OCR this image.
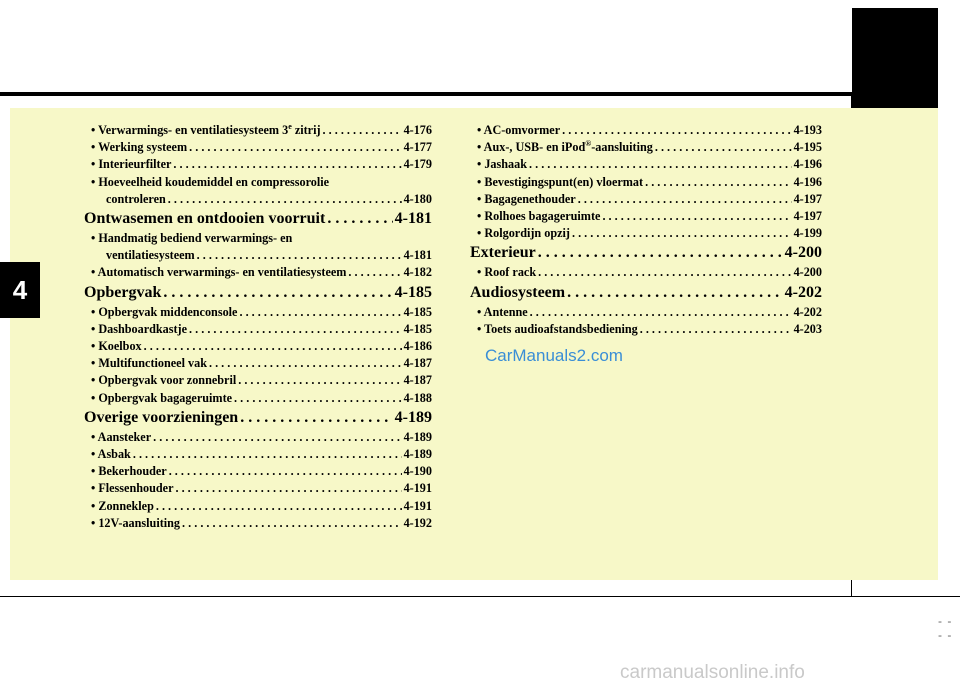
4
- - - -
• Verwarmings- en ventilatiesysteem 3e zitrij . . .	4-176
• Werking systeem . . .	4-177
• Interieurfilter . . .	4-179
• Hoeveelheid koudemiddel en compressorolie
controleren . . .	4-180
Ontwasemen en ontdooien voorruit . . .	4-181
• Handmatig bediend verwarmings- en
ventilatiesysteem . . .	4-181
• Automatisch verwarmings- en ventilatiesysteem . . .	4-182
Opbergvak . . .	4-185
• Opbergvak middenconsole . . .	4-185
• Dashboardkastje . . .	4-185
• Koelbox . . .	4-186
• Multifunctioneel vak . . .	4-187
• Opbergvak voor zonnebril . . .	4-187
• Opbergvak bagageruimte . . .	4-188
Overige voorzieningen . . .	4-189
• Aansteker . . .	4-189
• Asbak . . .	4-189
• Bekerhouder . . .	4-190
• Flessenhouder . . .	4-191
• Zonneklep . . .	4-191
• 12V-aansluiting . . .	4-192
• AC-omvormer . . .	4-193
• Aux-, USB- en iPod®-aansluiting . . .	4-195
• Jashaak . . .	4-196
• Bevestigingspunt(en) vloermat . . .	4-196
• Bagagenethouder . . .	4-197
• Rolhoes bagageruimte . . .	4-197
• Rolgordijn opzij . . .	4-199
Exterieur . . .	4-200
• Roof rack . . .	4-200
Audiosysteem . . .	4-202
• Antenne . . .	4-202
• Toets audioafstandsbediening . . .	4-203
CarManuals2.com
carmanualsonline.info
